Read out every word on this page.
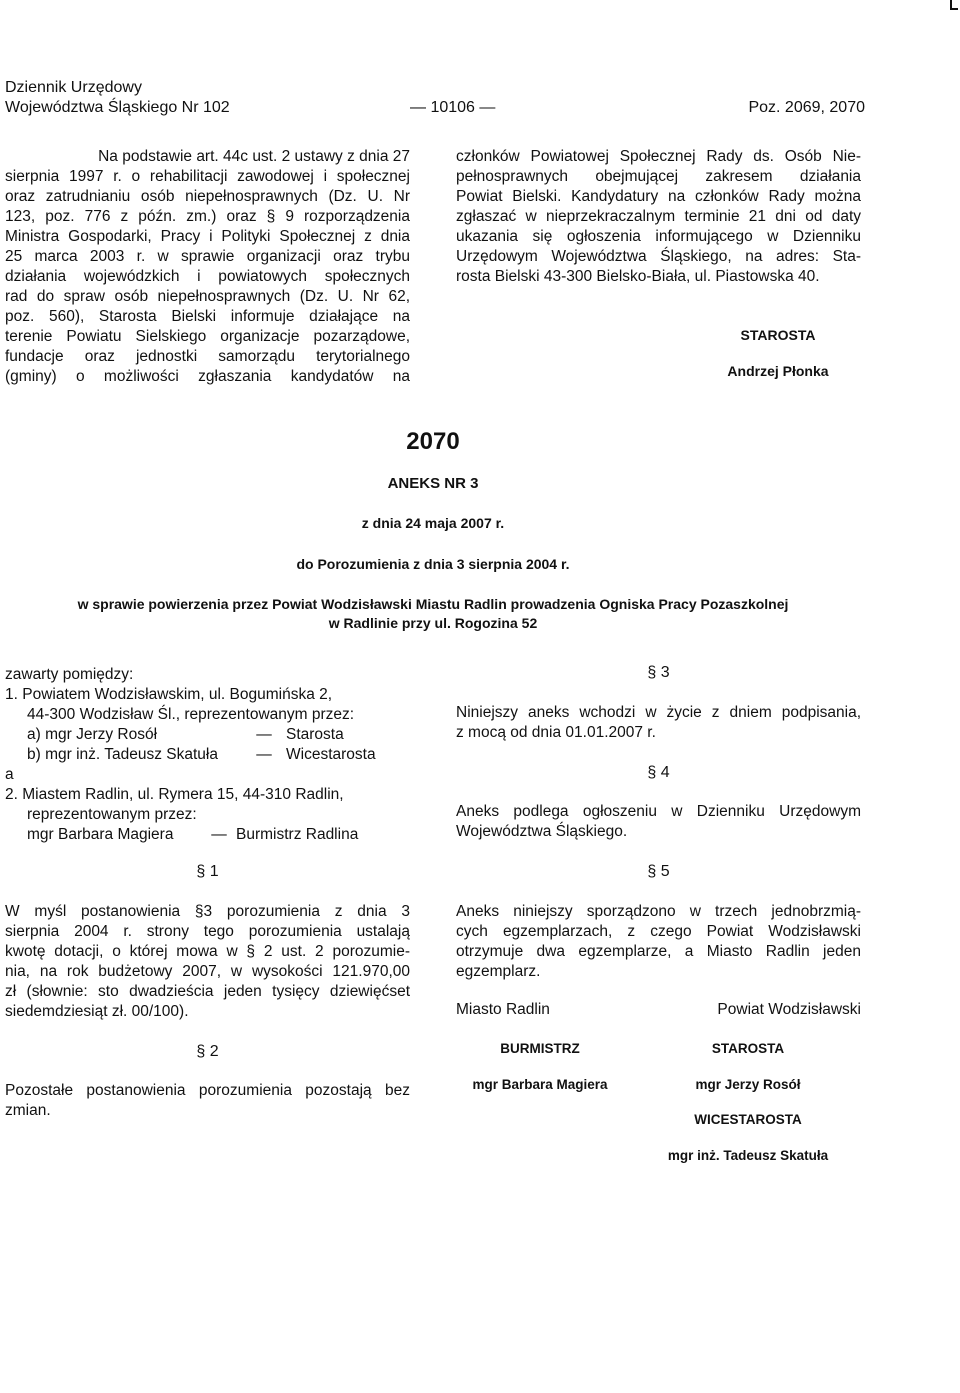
Dziennik Urzędowy
Województwa Śląskiego Nr 102	— 10106 —	Poz. 2069, 2070

Na podstawie art. 44c ust. 2 ustawy z dnia 27

sierpnia 1997 r. o rehabilitacji zawodowej i społecznej

oraz zatrudnianiu osób niepełnosprawnych (Dz. U. Nr

123, poz. 776 z późn. zm.) oraz § 9 rozporządzenia

Ministra Gospodarki, Pracy i Polityki Społecznej z dnia

25 marca 2003 r. w sprawie organizacji oraz trybu

działania wojewódzkich i powiatowych społecznych

rad do spraw osób niepełnosprawnych (Dz. U. Nr 62,

poz. 560), Starosta Bielski informuje działające na

terenie Powiatu Sielskiego organizacje pozarządowe,

fundacje oraz jednostki samorządu terytorialnego

(gminy) o możliwości zgłaszania kandydatów na

członków Powiatowej Społecznej Rady ds. Osób Nie-

pełnosprawnych obejmującej zakresem działania

Powiat Bielski. Kandydatury na członków Rady można

zgłaszać w nieprzekraczalnym terminie 21 dni od daty

ukazania się ogłoszenia informującego w Dzienniku

Urzędowym Województwa Śląskiego, na adres: Sta-

rosta Bielski 43-300 Bielsko-Biała, ul. Piastowska 40.

STAROSTA
Andrzej Płonka
2070
ANEKS NR 3
z dnia 24 maja 2007 r.
do Porozumienia z dnia 3 sierpnia 2004 r.
w sprawie powierzenia przez Powiat Wodzisławski Miastu Radlin prowadzenia Ogniska Pracy Pozaszkolnej
w Radlinie przy ul. Rogozina 52
zawarty pomiędzy:
1. Powiatem Wodzisławskim, ul. Bogumińska 2,
44-300 Wodzisław Śl., reprezentowanym przez:
a) mgr Jerzy Rosół	— Starosta
b) mgr inż. Tadeusz Skatuła	— Wicestarosta
a
2. Miastem Radlin, ul. Rymera 15, 44-310 Radlin,
reprezentowanym przez:
mgr Barbara Magiera	— Burmistrz Radlina
§ 1

W myśl postanowienia §3 porozumienia z dnia 3

sierpnia 2004 r. strony tego porozumienia ustalają

kwotę dotacji, o której mowa w § 2 ust. 2 porozumie-

nia, na rok budżetowy 2007, w wysokości 121.970,00

zł (słownie: sto dwadzieścia jeden tysięcy dziewięćset

siedemdziesiąt zł. 00/100).

§ 2

Pozostałe postanowienia porozumienia pozostają bez

zmian.

§ 3

Niniejszy aneks wchodzi w życie z dniem podpisania,

z mocą od dnia 01.01.2007 r.

§ 4

Aneks podlega ogłoszeniu w Dzienniku Urzędowym

Województwa Śląskiego.

§ 5

Aneks niniejszy sporządzono w trzech jednobrzmią-

cych egzemplarzach, z czego Powiat Wodzisławski

otrzymuje dwa egzemplarze, a Miasto Radlin jeden

egzemplarz.

Miasto Radlin	Powiat Wodzisławski
BURMISTRZ	STAROSTA
mgr Barbara Magiera	mgr Jerzy Rosół
WICESTAROSTA
mgr inż. Tadeusz Skatuła
